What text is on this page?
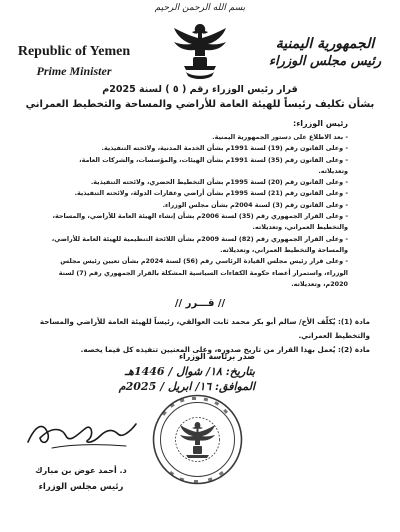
بسم الله الرحمن الرحيم
Republic of Yemen
Prime Minister
الجمهورية اليمنية
رئيس مجلس الوزراء
قرار رئيس الوزراء رقم ( ٥ ) لسنة 2025م
بشأن تكليف رئيساً للهيئة العامة للأراضي والمساحة والتخطيط العمراني
رئيس الوزراء:
- بعد الاطلاع على دستور الجمهورية اليمنية.
- وعلى القانون رقم (19) لسنة 1991م بشأن الخدمة المدنية، ولائحته التنفيذية.
- وعلى القانون رقم (35) لسنة 1991م بشأن الهيئات، والمؤسسات، والشركات العامة، وتعديلاته.
- وعلى القانون رقم (20) لسنة 1995م بشأن التخطيط الحضري، ولائحته التنفيذية.
- وعلى القانون رقم (21) لسنة 1995م بشأن أراضي وعقارات الدولة، ولائحته التنفيذية.
- وعلى القانون رقم (3) لسنة 2004م بشأن مجلس الوزراء.
- وعلى القرار الجمهوري رقم (35) لسنة 2006م بشأن إنشاء الهيئة العامة للأراضي، والمساحة، والتخطيط العمراني، وتعديلاته.
- وعلى القرار الجمهوري رقم (82) لسنة 2009م بشأن اللائحة التنظيمية للهيئة العامة للأراضي، والمساحة والتخطيط العمراني، وتعديلاته.
- وعلى قرار رئيس مجلس القيادة الرئاسي رقم (56) لسنة 2024م بشأن تعيين رئيس مجلس الوزراء، واستمرار أعضاء حكومة الكفاءات السياسية المشكلة بالقرار الجمهوري رقم (7) لسنة 2020م، وتعديلاته.
// قـــرر //
مادة (1): يُكلّف الأخ/ سالم أبو بكر محمد ثابت العوالقي، رئيساً للهيئة العامة للأراضي والمساحة والتخطيط العمراني.
مادة (2): يُعمل بهذا القرار من تاريخ صدوره، وعلى المعنيين تنفيذه كل فيما يخصه.
صدر برئاسة الوزراء
بتاريخ: ١٨/ شوال / 1446هـ
الموافق: ١٦/ ابريل / 2025م
د. أحمد عوض بن مبارك
رئيس مجلس الوزراء
